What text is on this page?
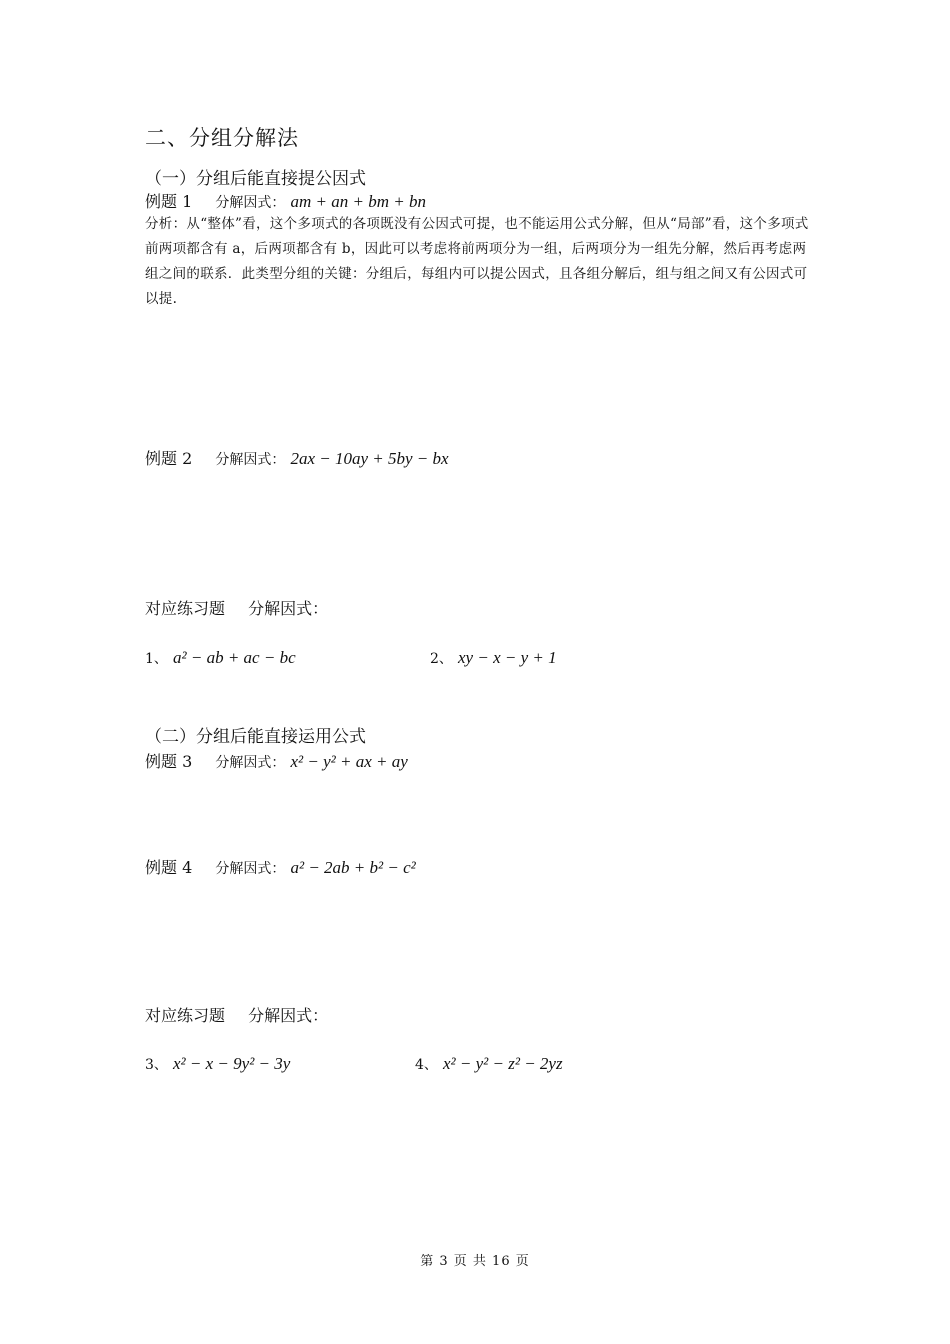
二、分组分解法
（一）分组后能直接提公因式
例题 1 分解因式： am + an + bm + bn
分析：从“整体”看，这个多项式的各项既没有公因式可提，也不能运用公式分解，但从“局部”看，这个多项式前两项都含有 a，后两项都含有 b，因此可以考虑将前两项分为一组，后两项分为一组先分解，然后再考虑两组之间的联系．此类型分组的关键：分组后，每组内可以提公因式，且各组分解后，组与组之间又有公因式可以提.
例题 2 分解因式： 2ax − 10ay + 5by − bx
对应练习题 分解因式：
1、 a² − ab + ac − bc	2、 xy − x − y + 1
（二）分组后能直接运用公式
例题 3 分解因式： x² − y² + ax + ay
例题 4 分解因式： a² − 2ab + b² − c²
对应练习题 分解因式：
3、 x² − x − 9y² − 3y	4、 x² − y² − z² − 2yz
第 3 页 共 16 页
